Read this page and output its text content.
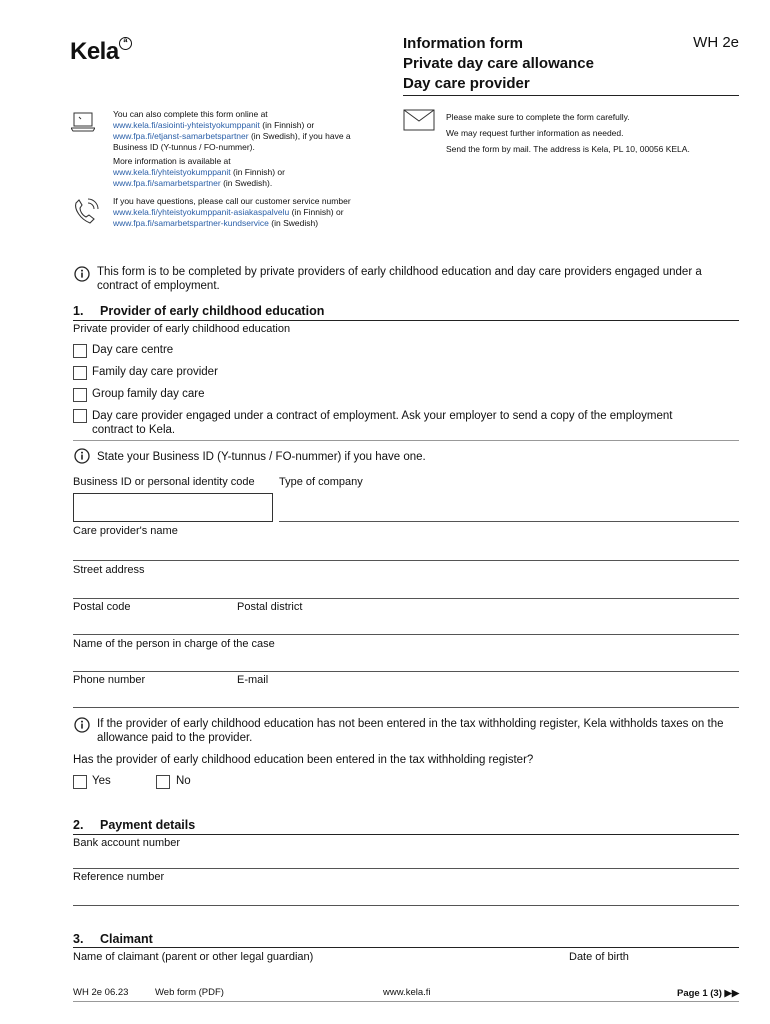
Kela $^ª$	Information form
Private day care allowance
Day care provider
WH 2e
You can also complete this form online at
www.kela.fi/asiointi-yhteistyokumppanit (in Finnish) or
www.fpa.fi/etjanst-samarbetspartner (in Swedish), if you have a
Business ID (Y-tunnus / FO-nummer).
More information is available at
www.kela.fi/yhteistyokumppanit (in Finnish) or
www.fpa.fi/samarbetspartner (in Swedish).
If you have questions, please call our customer service number
www.kela.fi/yhteistyokumppanit-asiakaspalvelu (in Finnish) or
www.fpa.fi/samarbetspartner-kundservice (in Swedish)
Please make sure to complete the form carefully.
We may request further information as needed.
Send the form by mail. The address is Kela, PL 10, 00056 KELA.
This form is to be completed by private providers of early childhood education and day care providers engaged under a
contract of employment.
1. Provider of early childhood education
Private provider of early childhood education
Day care centre
Family day care provider
Group family day care
Day care provider engaged under a contract of employment. Ask your employer to send a copy of the employment
contract to Kela.
State your Business ID (Y-tunnus / FO-nummer) if you have one.
Business ID or personal identity code Type of company
Care provider's name
Street address
Postal code	Postal district
Name of the person in charge of the case
Phone number	E-mail
If the provider of early childhood education has not been entered in the tax withholding register, Kela withholds taxes on the
allowance paid to the provider.
Has the provider of early childhood education been entered in the tax withholding register?
Yes	No
2. Payment details
Bank account number
Reference number
3. Claimant
Name of claimant (parent or other legal guardian)	Date of birth
WH 2e 06.23	Web form (PDF)	www.kela.fi	Page 1 (3) ▶▶
